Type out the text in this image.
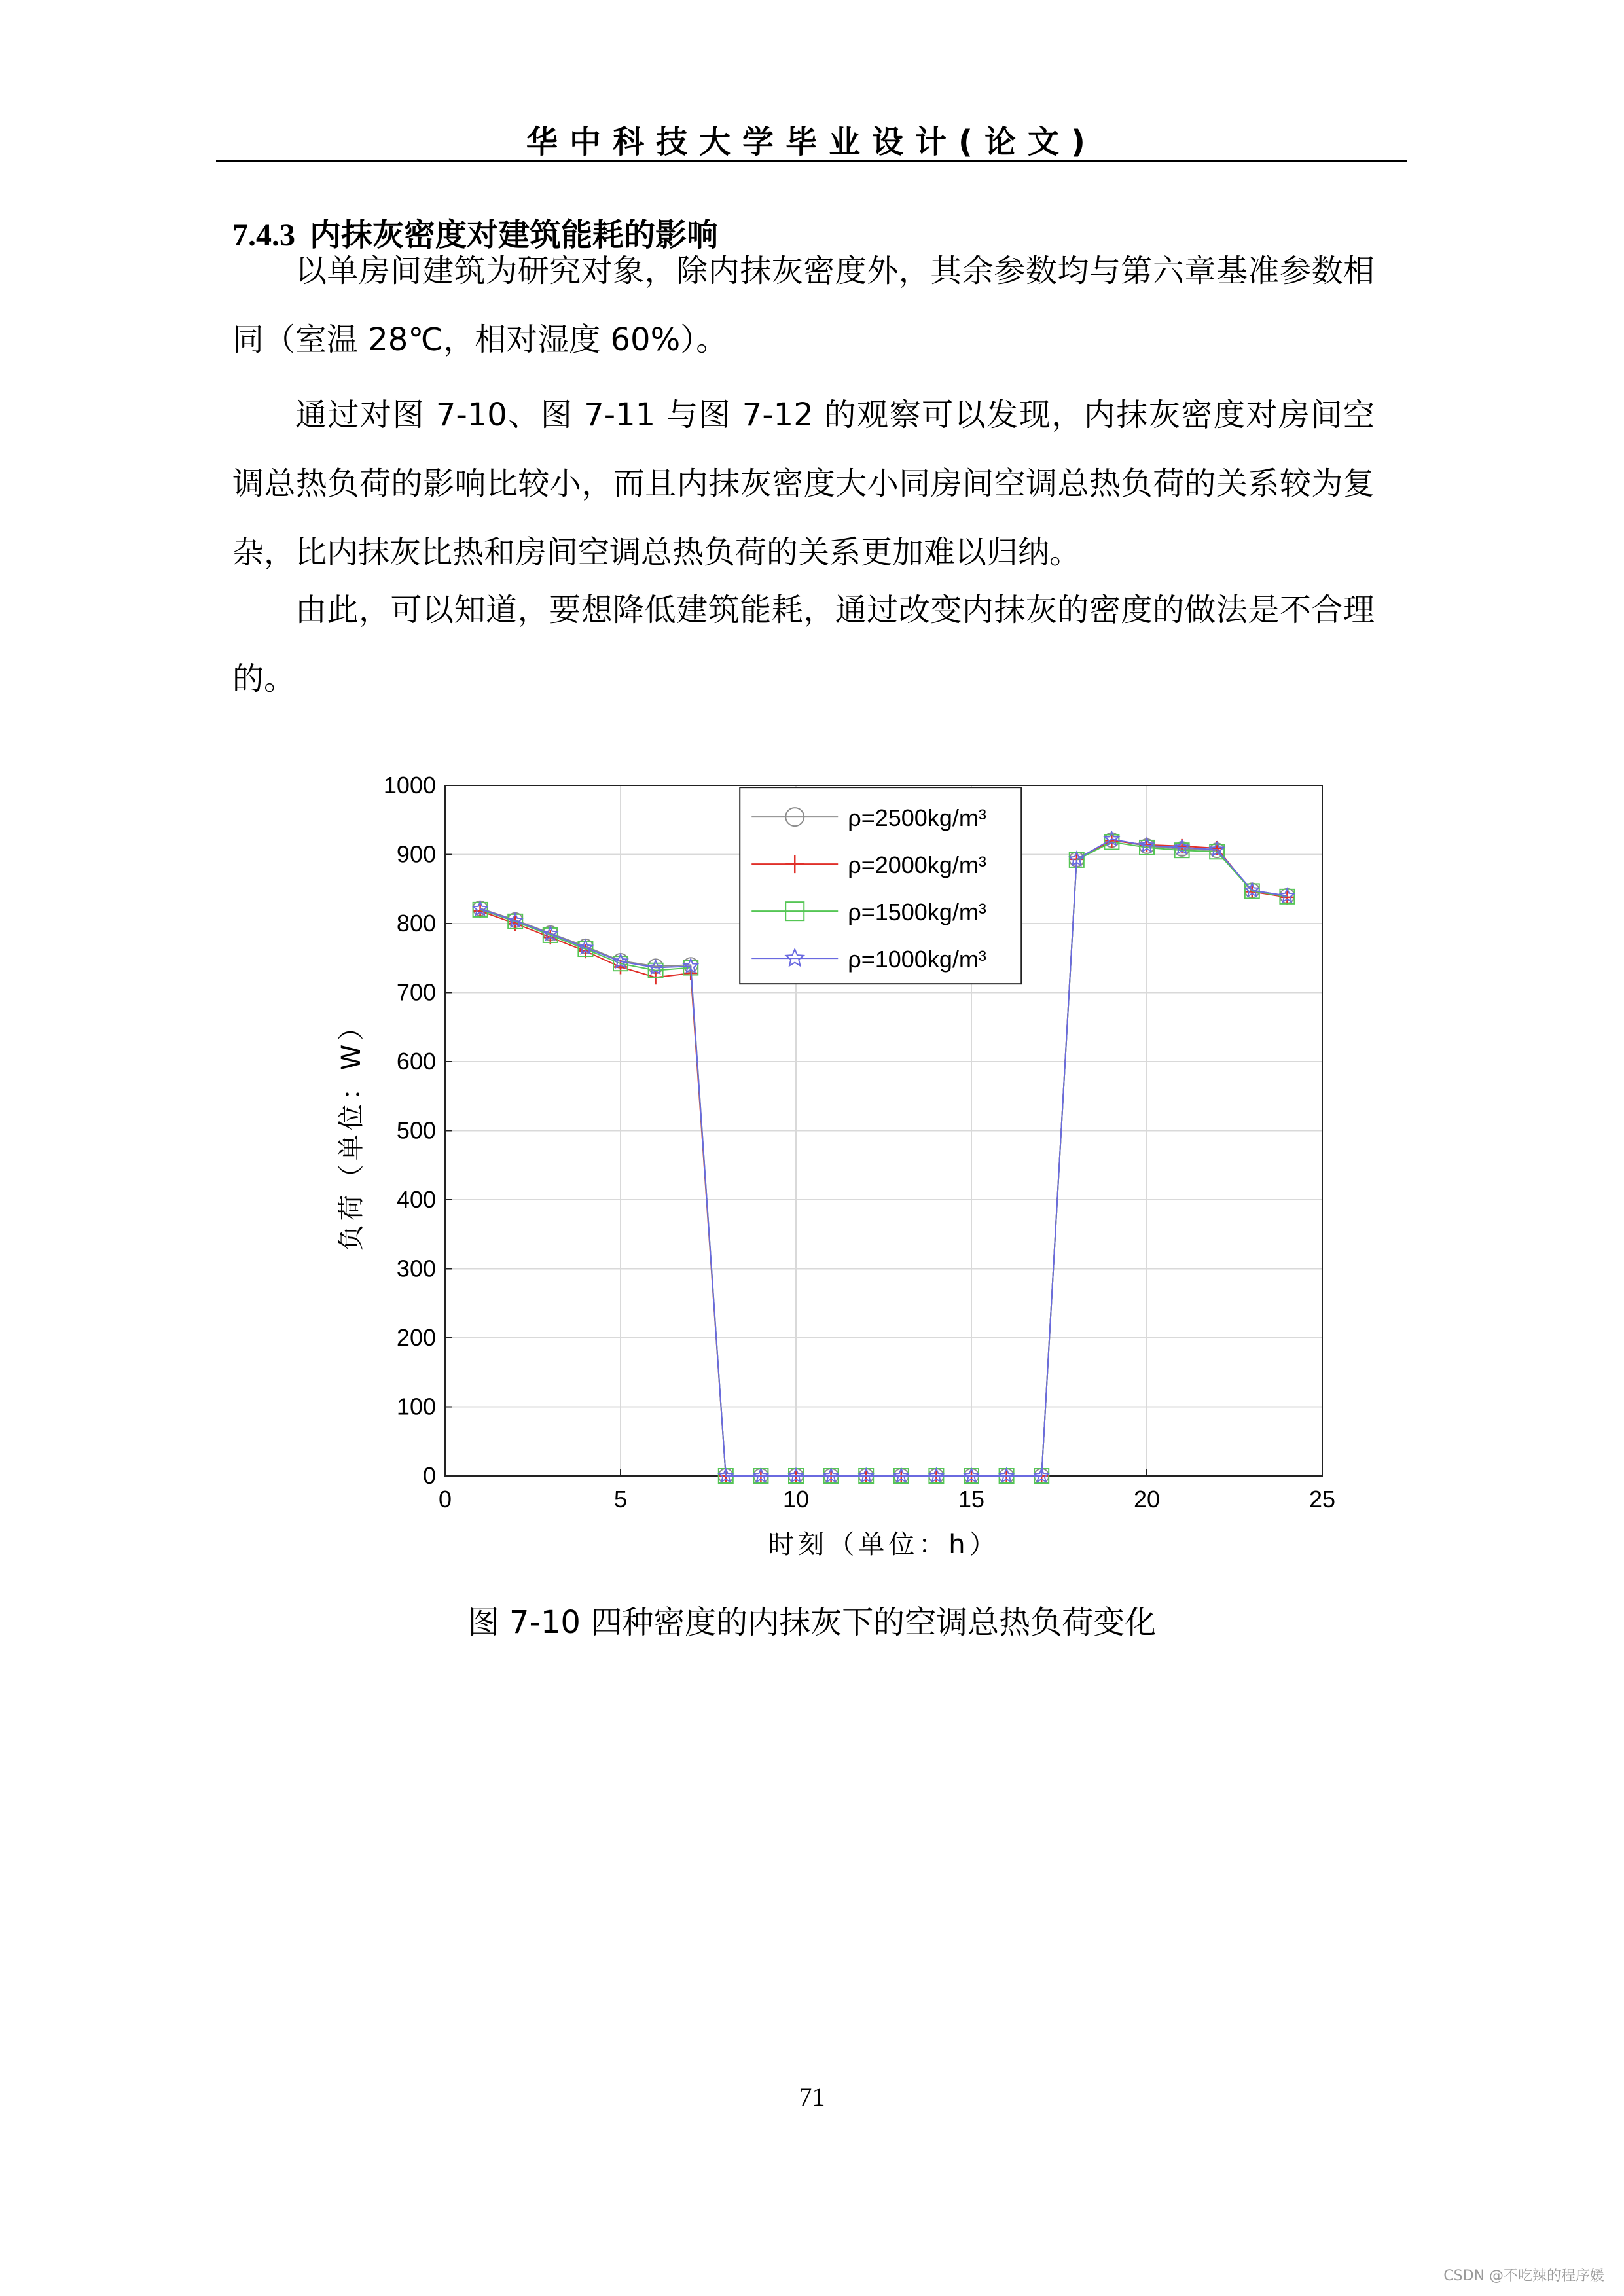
华中科技大学毕业设计(论文)
7.4.3 内抹灰密度对建筑能耗的影响

以单房间建筑为研究对象，除内抹灰密度外，其余参数均与第六章基准参数相同（室温 28℃，相对湿度 60%）。

通过对图 7-10、图 7-11 与图 7-12 的观察可以发现，内抹灰密度对房间空调总热负荷的影响比较小，而且内抹灰密度大小同房间空调总热负荷的关系较为复杂，比内抹灰比热和房间空调总热负荷的关系更加难以归纳。

由此，可以知道，要想降低建筑能耗，通过改变内抹灰的密度的做法是不合理的。

0	5	10	15	20	25
0
100
200
300
400
500
600
700
800
900
1000
时刻（单位：h）
负荷（单位：W）
ρ=2500kg/m³
ρ=2000kg/m³
ρ=1500kg/m³
ρ=1000kg/m³
图 7-10 四种密度的内抹灰下的空调总热负荷变化
71
CSDN @不吃辣的程序媛
